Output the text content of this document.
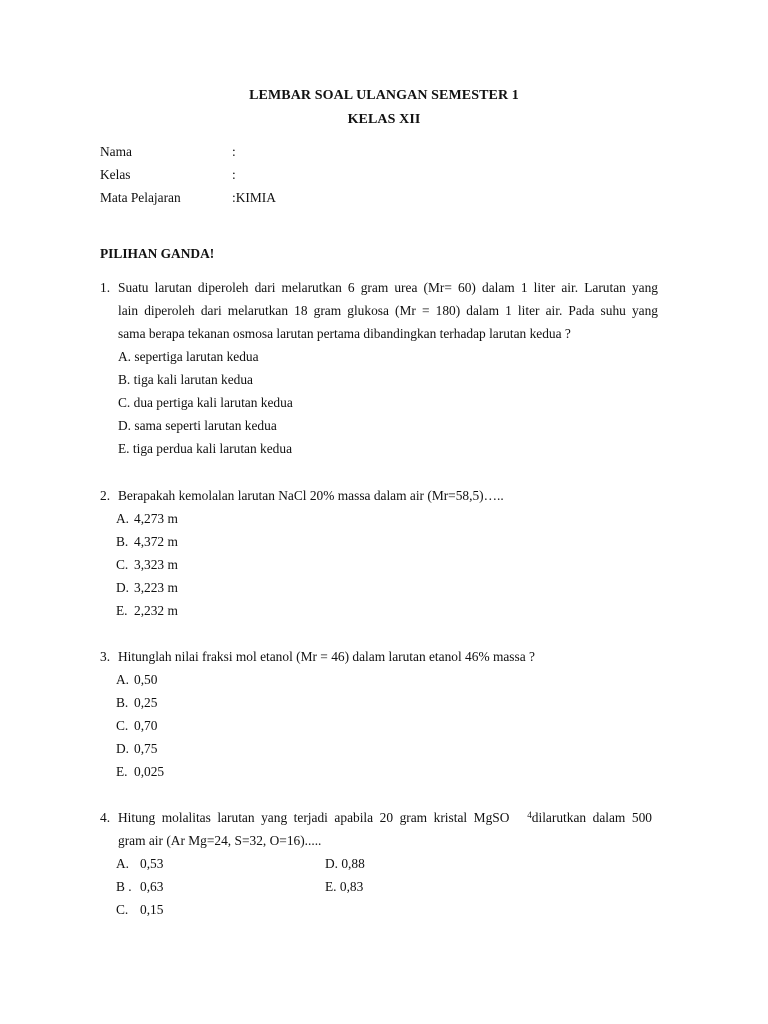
LEMBAR SOAL ULANGAN SEMESTER 1
KELAS XII
Nama	:
Kelas	:
Mata Pelajaran	:KIMIA
PILIHAN GANDA!
1. Suatu larutan diperoleh dari melarutkan 6 gram urea (Mr= 60) dalam 1 liter air. Larutan yang
lain diperoleh dari melarutkan 18 gram glukosa (Mr = 180) dalam 1 liter air. Pada suhu yang
sama berapa tekanan osmosa larutan pertama dibandingkan terhadap larutan kedua ?
A. sepertiga larutan kedua
B. tiga kali larutan kedua
C. dua pertiga kali larutan kedua
D. sama seperti larutan kedua
E. tiga perdua kali larutan kedua
2. Berapakah kemolalan larutan NaCl 20% massa dalam air (Mr=58,5)…..
A. 4,273 m
B. 4,372 m
C. 3,323 m
D. 3,223 m
E. 2,232 m
3. Hitunglah nilai fraksi mol etanol (Mr = 46) dalam larutan etanol 46% massa ?
A. 0,50
B. 0,25
C. 0,70
D. 0,75
E. 0,025
4. Hitung molalitas larutan yang terjadi apabila 20 gram kristal MgSO 4 dilarutkan dalam 500
gram air (Ar Mg=24, S=32, O=16).....
A. 0,53	D. 0,88
B . 0,63	E. 0,83
C. 0,15
